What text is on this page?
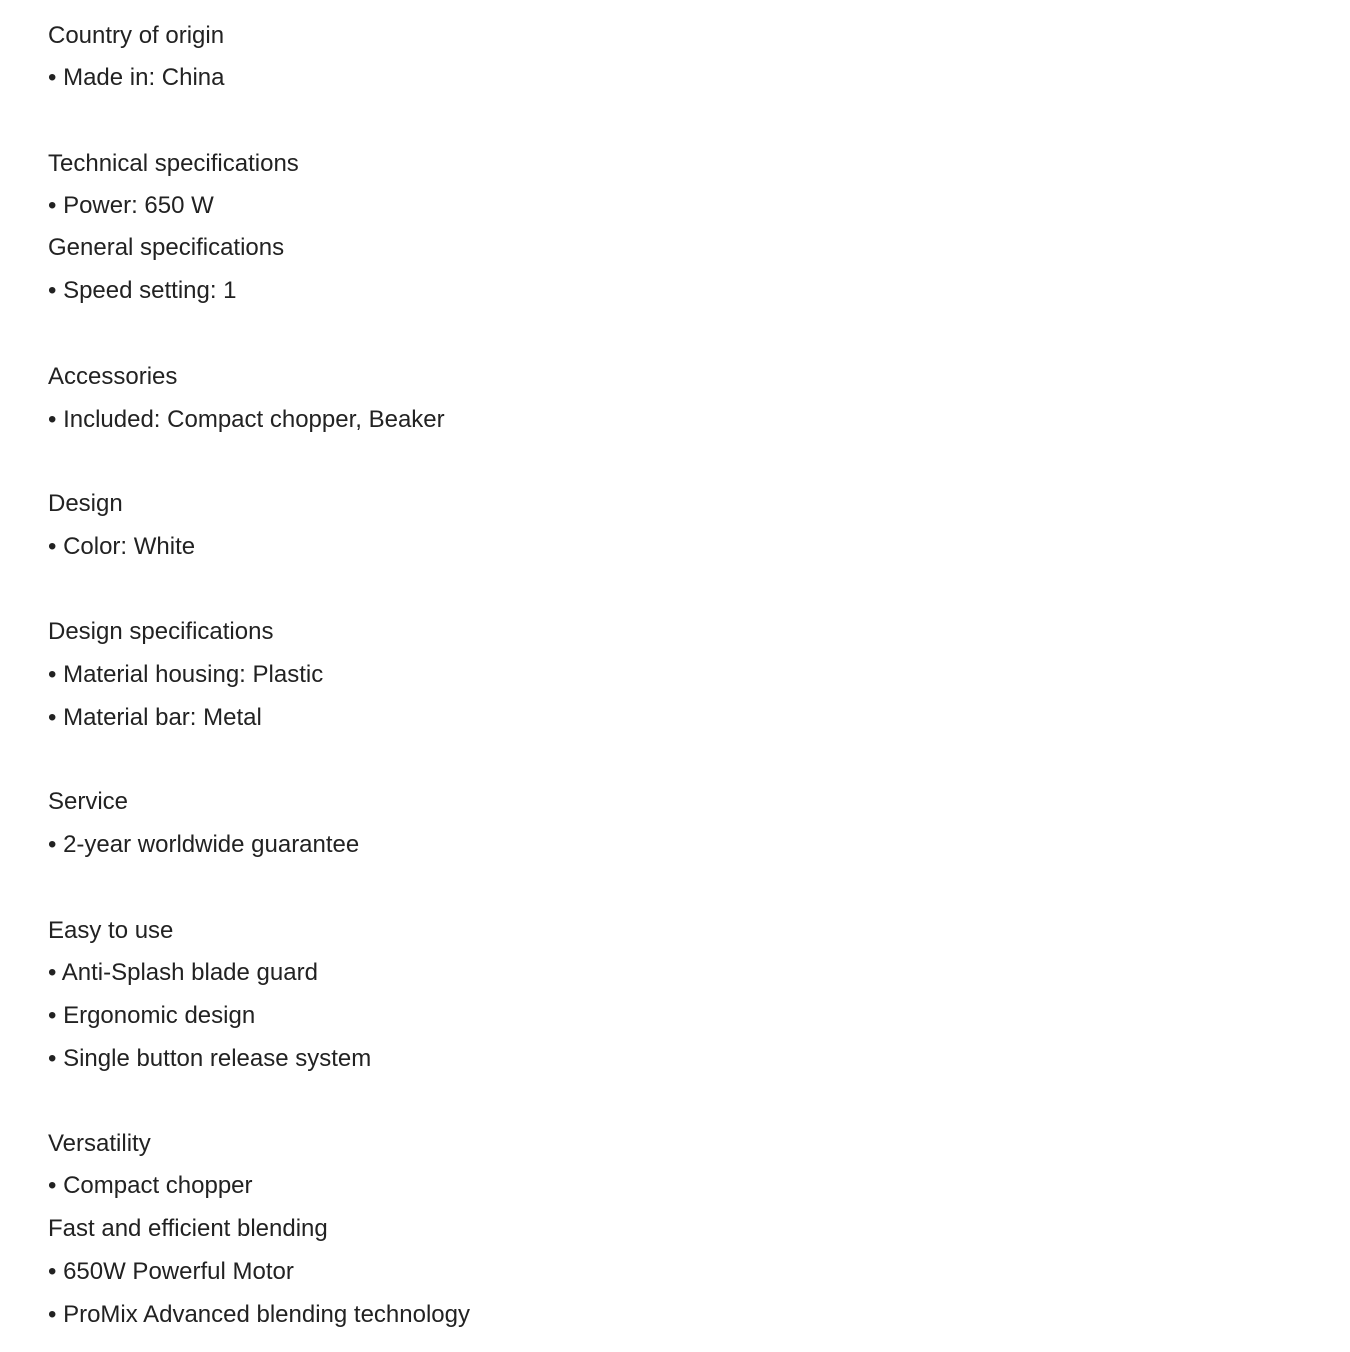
Country of origin
• Made in: China
Technical specifications
• Power: 650 W
General specifications
• Speed setting: 1
Accessories
• Included: Compact chopper, Beaker
Design
• Color: White
Design specifications
• Material housing: Plastic
• Material bar: Metal
Service
• 2-year worldwide guarantee
Easy to use
• Anti-Splash blade guard
• Ergonomic design
• Single button release system
Versatility
• Compact chopper
Fast and efficient blending
• 650W Powerful Motor
• ProMix Advanced blending technology
